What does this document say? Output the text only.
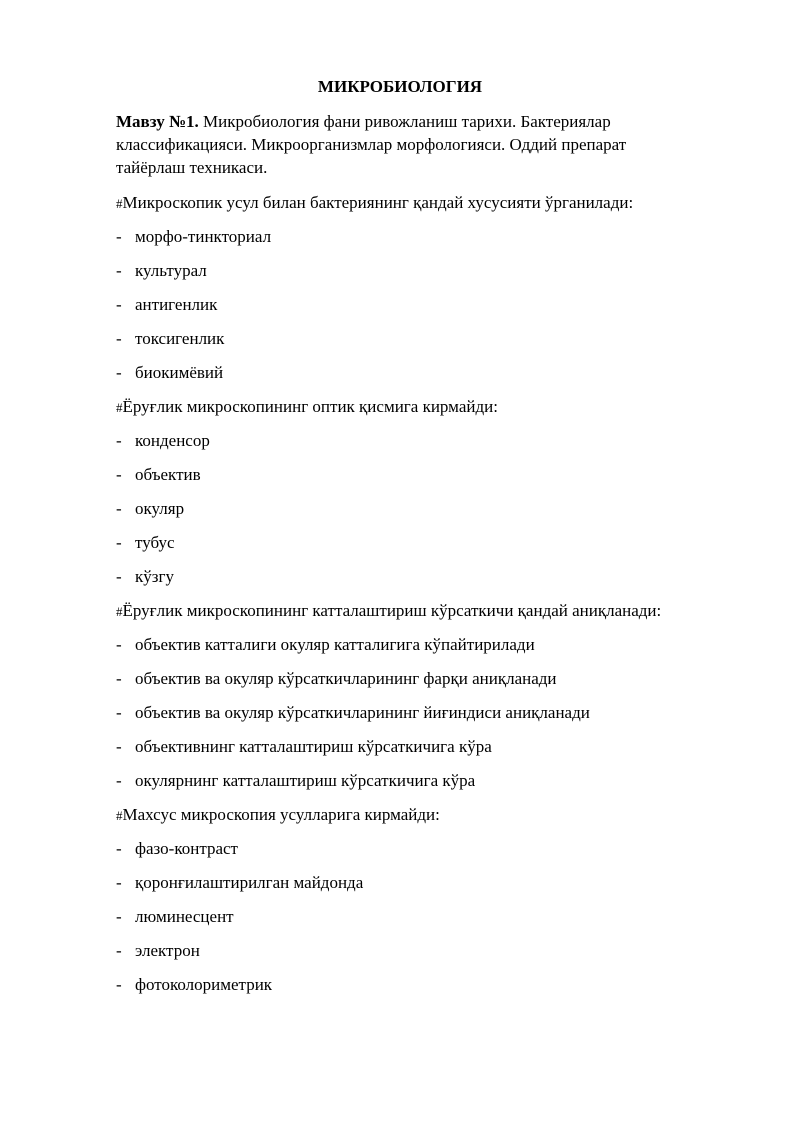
МИКРОБИОЛОГИЯ

Мавзу №1. Микробиология фани ривожланиш тарихи. Бактериялар классификацияси. Микроорганизмлар морфологияси. Оддий препарат тайёрлаш техникаси.

#Микроскопик усул билан бактериянинг қандай хусусияти ўрганилади:

- морфо-тинкториал

- культурал

- антигенлик

- токсигенлик

- биокимёвий

#Ёруғлик микроскопининг оптик қисмига кирмайди:

- конденсор

- объектив

- окуляр

- тубус

- кўзгу

#Ёруғлик микроскопининг катталаштириш кўрсаткичи қандай аниқланади:

- объектив катталиги окуляр катталигига кўпайтирилади

- объектив ва окуляр кўрсаткичларининг фарқи аниқланади

- объектив ва окуляр кўрсаткичларининг йиғиндиси аниқланади

- объективнинг катталаштириш кўрсаткичига кўра

- окулярнинг катталаштириш кўрсаткичига кўра

#Махсус микроскопия усулларига кирмайди:

- фазо-контраст

- қоронғилаштирилган майдонда

- люминесцент

- электрон

- фотоколориметрик
